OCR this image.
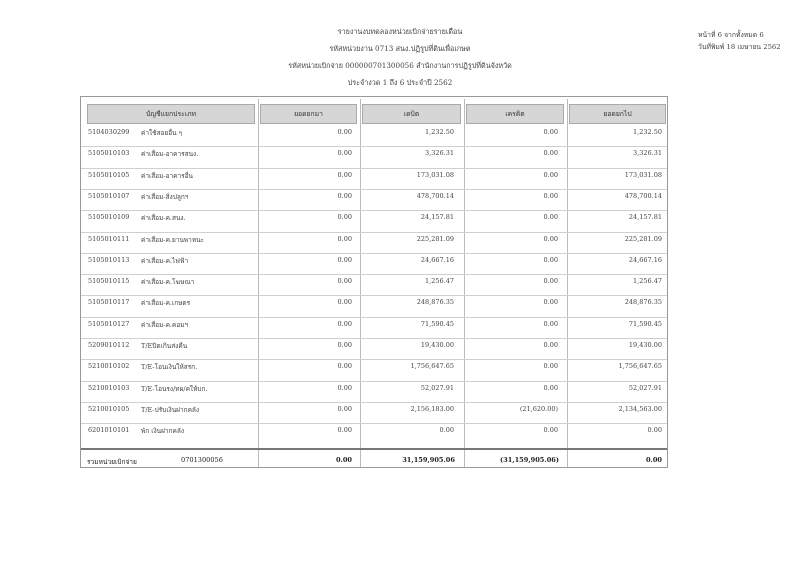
รายงานงบทดลองหน่วยเบิกจ่ายรายเดือน
รหัสหน่วยงาน 0713 สนง.ปฏิรูปที่ดินเพื่อเกษต
รหัสหน่วยเบิกจ่าย 000000701300056 สำนักงานการปฏิรูปที่ดินจังหวัด
ประจำงวด 1 ถึง 6 ประจำปี 2562
หน้าที่ 6 จากทั้งหมด 6
วันที่พิมพ์ 18 เมษายน 2562
บัญชีแยกประเภท	ยอดยกมา	เดบิต	เครดิต	ยอดยกไป
5104030299 ค่าใช้สอยอื่น ๆ	0.00	1,232.50	0.00	1,232.50
5105010103 ค่าเสื่อม-อาคารสนง.	0.00	3,326.31	0.00	3,326.31
5105010105 ค่าเสื่อม-อาคารอื่น	0.00	173,031.08	0.00	173,031.08
5105010107 ค่าเสื่อม-สิ่งปลูกฯ	0.00	478,700.14	0.00	478,700.14
5105010109 ค่าเสื่อม-ค.สนง.	0.00	24,157.81	0.00	24,157.81
5105010111 ค่าเสื่อม-ค.ยานพาหนะ	0.00	225,281.09	0.00	225,281.09
5105010113 ค่าเสื่อม-ค.ไฟฟ้า	0.00	24,667.16	0.00	24,667.16
5105010115 ค่าเสื่อม-ค.โฆษณา	0.00	1,256.47	0.00	1,256.47
5105010117 ค่าเสื่อม-ค.เกษตร	0.00	248,876.35	0.00	248,876.35
5105010127 ค่าเสื่อม-ค.คอมฯ	0.00	71,590.45	0.00	71,590.45
5209010112 T/Eปิดเกินส่งคืน	0.00	19,430.00	0.00	19,430.00
5210010102 T/E-โอนเงินให้สรก.	0.00	1,756,647.65	0.00	1,756,647.65
5210010103 T/E-โอนรง/ทผ/คให้บก.	0.00	52,027.91	0.00	52,027.91
5210010105 T/E-ปรับเงินฝากคลัง	0.00	2,156,183.00	(21,620.00)	2,134,563.00
6201010101 พัก เงินฝากคลัง	0.00	0.00	0.00	0.00
รวมหน่วยเบิกจ่าย	0701300056	0.00	31,159,905.06	(31,159,905.06)	0.00
